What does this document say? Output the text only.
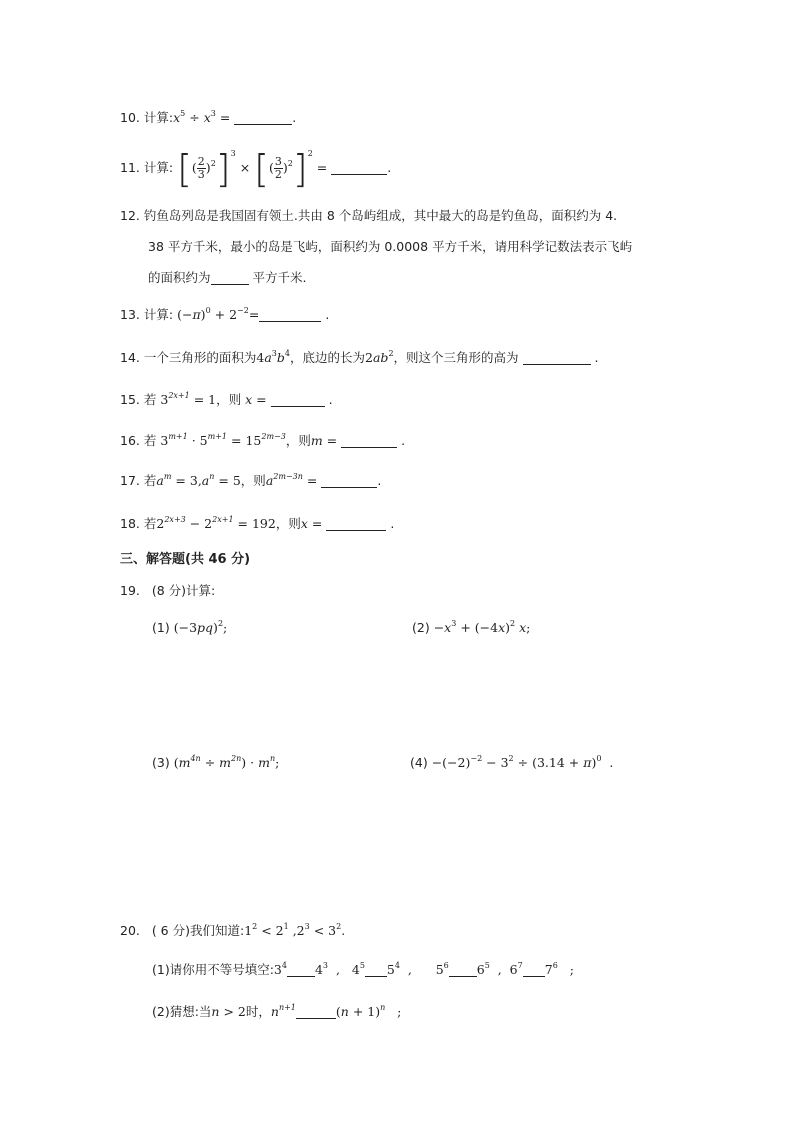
10. 计算$:x^5 \div x^3$ =	.
11. 计算: [( $\frac{2}{3} )^2]^3$ × [( $\frac{3}{2} )^2]^2$ =	.
12. 钓鱼岛列岛是我国固有领土.共由 8 个岛屿组成，其中最大的岛是钓鱼岛，面积约为 4.
38 平方千米，最小的岛是飞屿，面积约为 0.0008 平方千米，请用科学记数法表示飞屿
的面积约为	平方千米.
13. 计算: $(-\pi)^0 + 2^{-2}=$	.
14. 一个三角形的面积为$4a^3b^4$，底边的长为$2ab^2$，则这个三角形的高为	.
15. 若 $3^{2x+1} = 1$，则 x =	.
16. 若 $3^{m+1} \cdot 5^{m+1} = 15^{2m-3}$，则m =	.
17. 若$a^m = 3,a^n = 5$，则$a^{2m-3n}$ =	.
18. 若$2^{2x+3} - 2^{2x+1} = 192$，则x =	.
三、解答题(共 46 分)
19. (8 分)计算:
(1) $(-3pq)^2$;	$(2) -x^3 + (-4x)^2$ x;
(3) $(m^{4n} \div m^{2n}) \cdot m^n$;	$(4) -(-2)^{-2} - 3^2 \div (3.14 + \pi)^0$ .
20. ( 6 分)我们知道$:1^2 < 2^1$ $,2^3 < 3^2$.
(1)请你用不等号填空$:3^4$ $4^3$  ,   $4^5$ $5^4$  ,      $5^6$ $6^5$  ,  $6^7$ $7^6$   ;
(2)猜想:当n > 2时，$n^{n+1}$	$(n + 1)^n$ ;
